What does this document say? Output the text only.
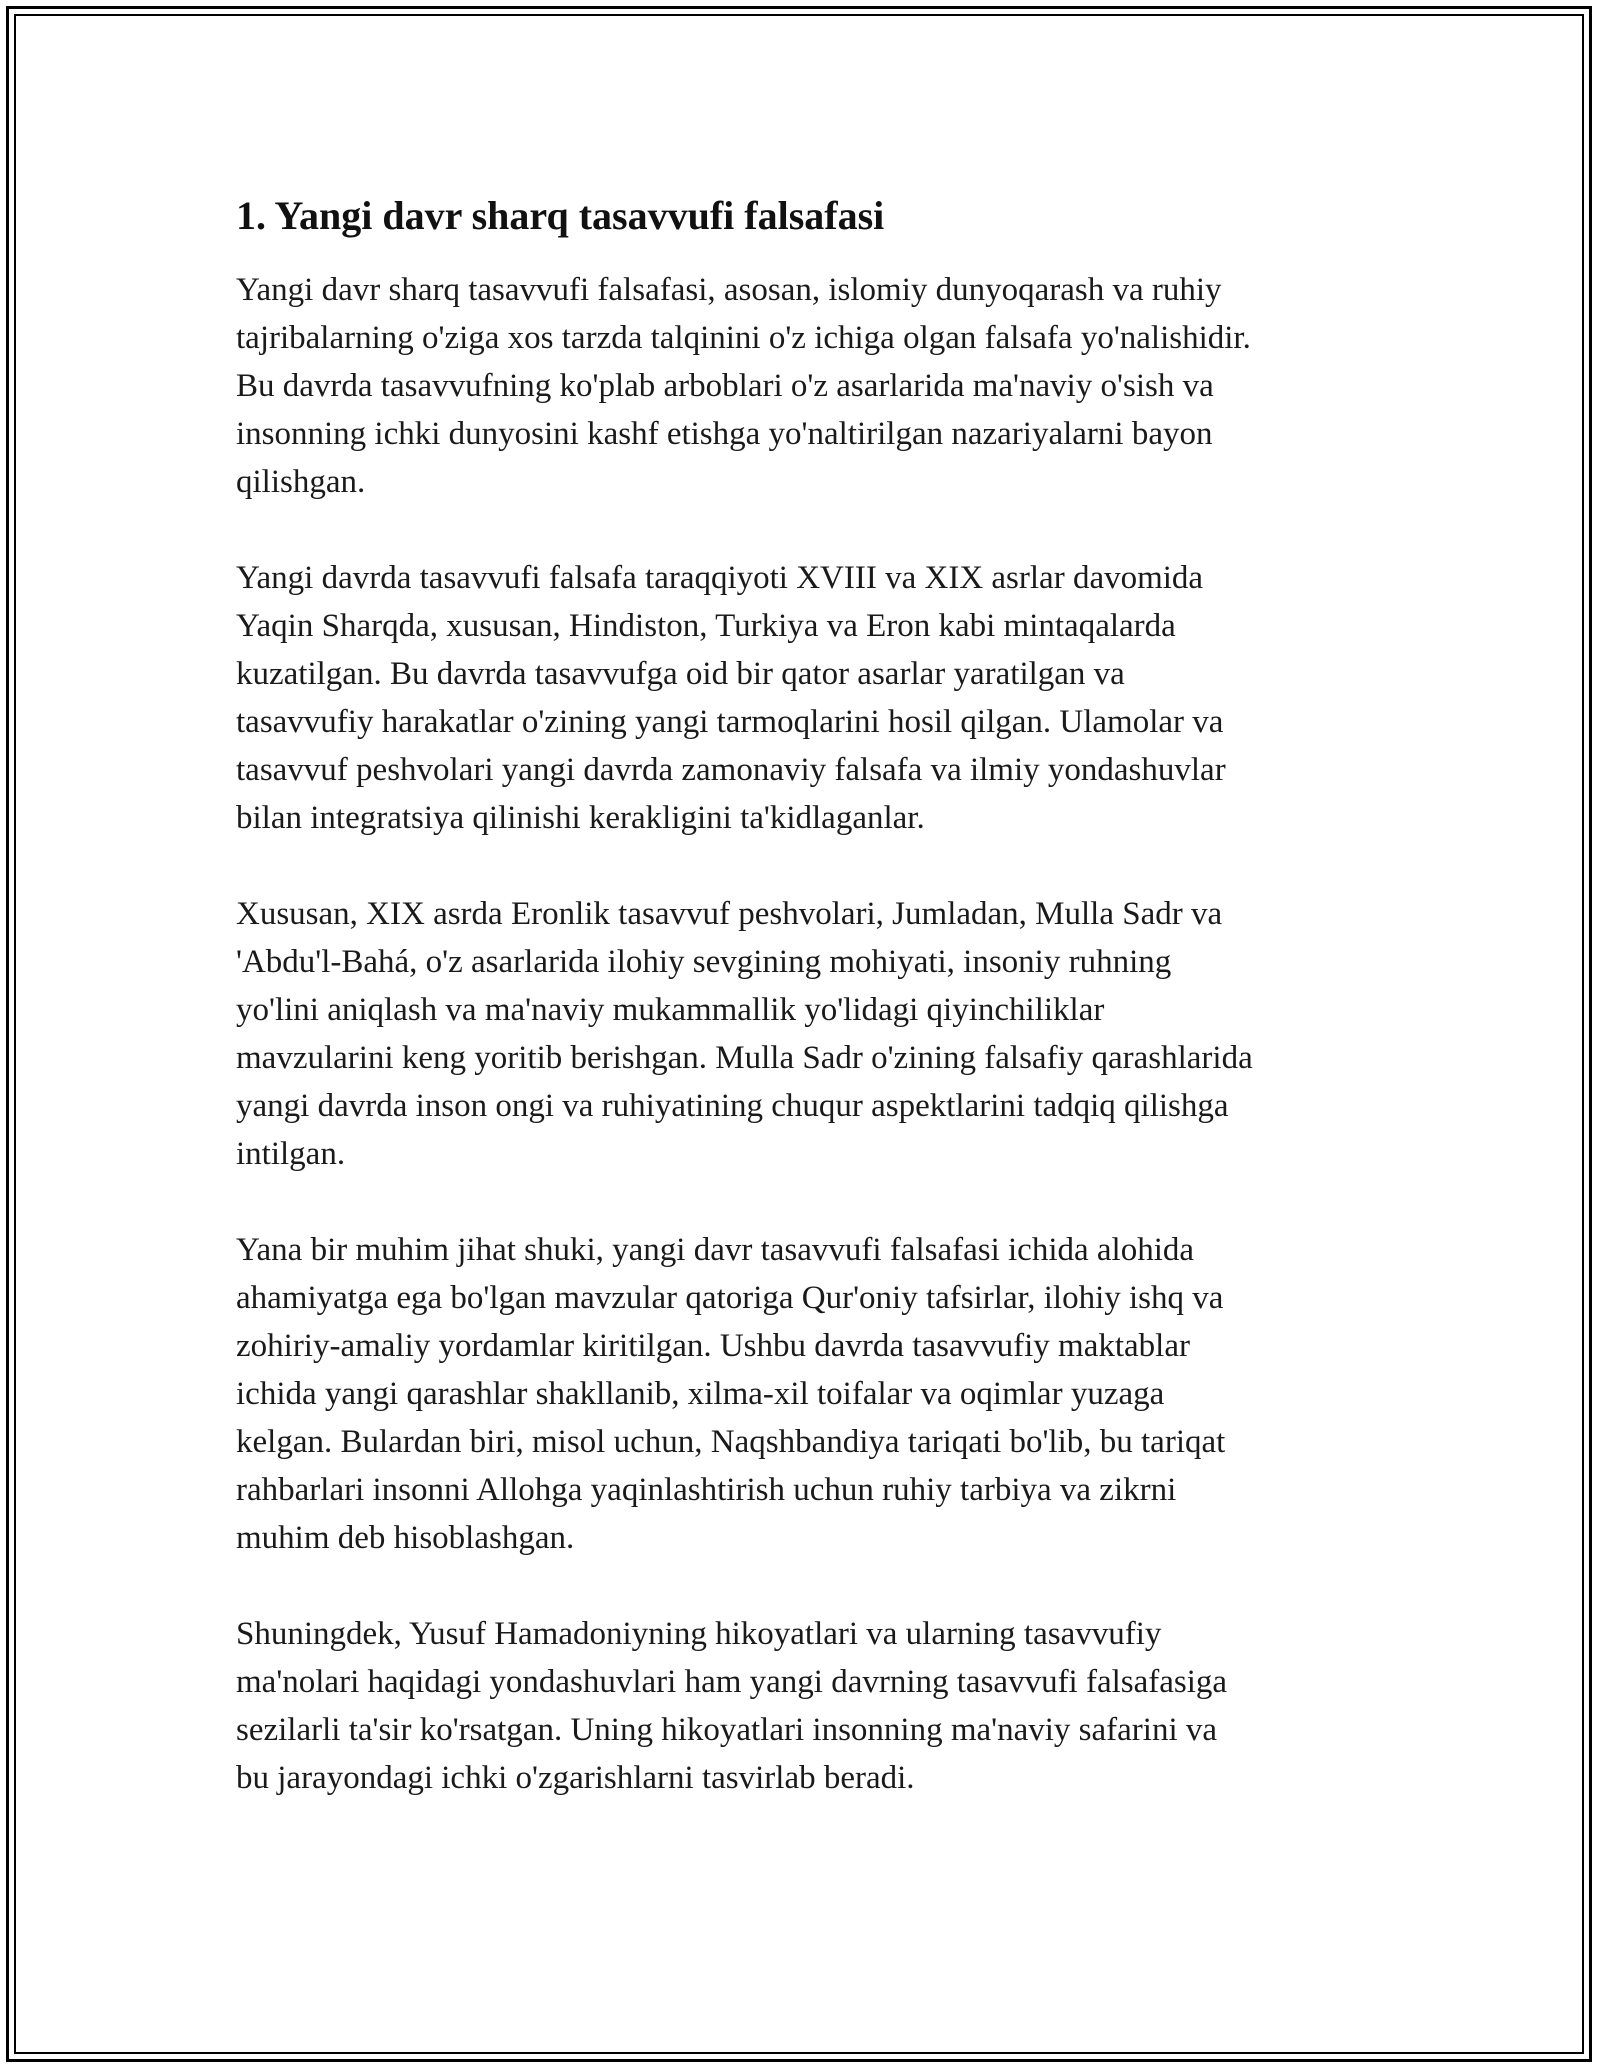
1. Yangi davr sharq tasavvufi falsafasi

Yangi davr sharq tasavvufi falsafasi, asosan, islomiy dunyoqarash va ruhiy
tajribalarning o'ziga xos tarzda talqinini o'z ichiga olgan falsafa yo'nalishidir.
Bu davrda tasavvufning ko'plab arboblari o'z asarlarida ma'naviy o'sish va
insonning ichki dunyosini kashf etishga yo'naltirilgan nazariyalarni bayon
qilishgan.

Yangi davrda tasavvufi falsafa taraqqiyoti XVIII va XIX asrlar davomida
Yaqin Sharqda, xususan, Hindiston, Turkiya va Eron kabi mintaqalarda
kuzatilgan. Bu davrda tasavvufga oid bir qator asarlar yaratilgan va
tasavvufiy harakatlar o'zining yangi tarmoqlarini hosil qilgan. Ulamolar va
tasavvuf peshvolari yangi davrda zamonaviy falsafa va ilmiy yondashuvlar
bilan integratsiya qilinishi kerakligini ta'kidlaganlar.

Xususan, XIX asrda Eronlik tasavvuf peshvolari, Jumladan, Mulla Sadr va
'Abdu'l-Bahá, o'z asarlarida ilohiy sevgining mohiyati, insoniy ruhning
yo'lini aniqlash va ma'naviy mukammallik yo'lidagi qiyinchiliklar
mavzularini keng yoritib berishgan. Mulla Sadr o'zining falsafiy qarashlarida
yangi davrda inson ongi va ruhiyatining chuqur aspektlarini tadqiq qilishga
intilgan.

Yana bir muhim jihat shuki, yangi davr tasavvufi falsafasi ichida alohida
ahamiyatga ega bo'lgan mavzular qatoriga Qur'oniy tafsirlar, ilohiy ishq va
zohiriy-amaliy yordamlar kiritilgan. Ushbu davrda tasavvufiy maktablar
ichida yangi qarashlar shakllanib, xilma-xil toifalar va oqimlar yuzaga
kelgan. Bulardan biri, misol uchun, Naqshbandiya tariqati bo'lib, bu tariqat
rahbarlari insonni Allohga yaqinlashtirish uchun ruhiy tarbiya va zikrni
muhim deb hisoblashgan.

Shuningdek, Yusuf Hamadoniyning hikoyatlari va ularning tasavvufiy
ma'nolari haqidagi yondashuvlari ham yangi davrning tasavvufi falsafasiga
sezilarli ta'sir ko'rsatgan. Uning hikoyatlari insonning ma'naviy safarini va
bu jarayondagi ichki o'zgarishlarni tasvirlab beradi.
